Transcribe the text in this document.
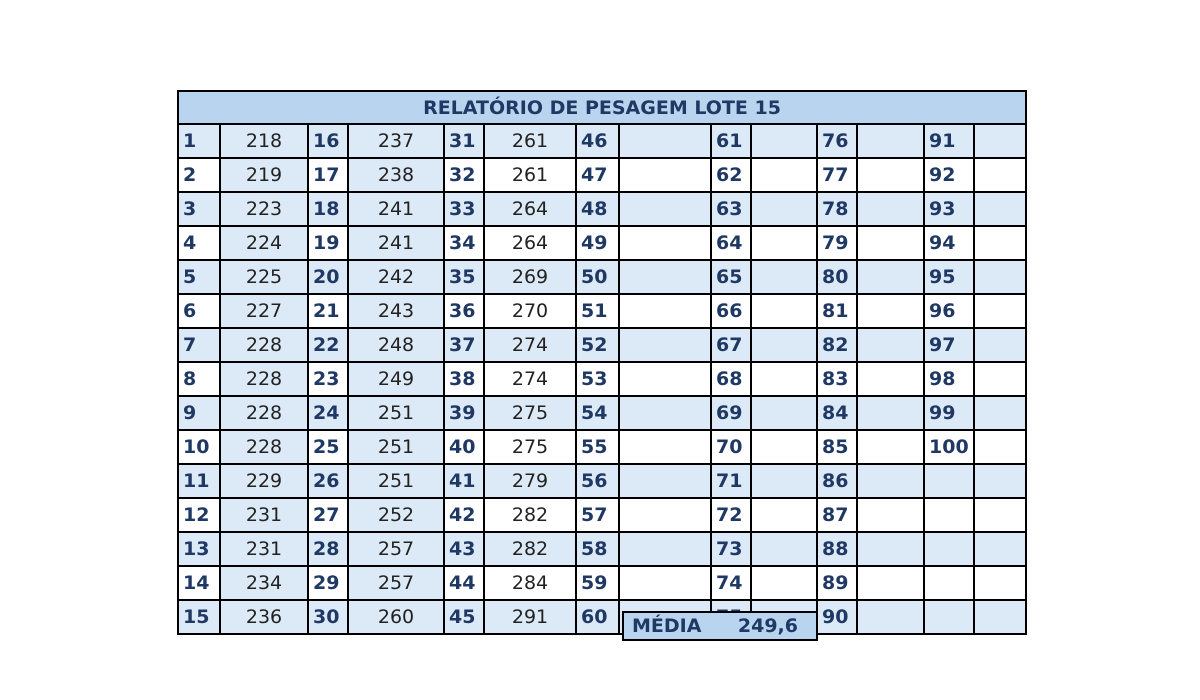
RELATÓRIO DE PESAGEM LOTE 15													
1	218	16	237	31	261	46		61		76		91	
2	219	17	238	32	261	47		62		77		92	
3	223	18	241	33	264	48		63		78		93	
4	224	19	241	34	264	49		64		79		94	
5	225	20	242	35	269	50		65		80		95	
6	227	21	243	36	270	51		66		81		96	
7	228	22	248	37	274	52		67		82		97	
8	228	23	249	38	274	53		68		83		98	
9	228	24	251	39	275	54		69		84		99	
10	228	25	251	40	275	55		70		85		100	
11	229	26	251	41	279	56		71		86			
12	231	27	252	42	282	57		72		87			
13	231	28	257	43	282	58		73		88			
14	234	29	257	44	284	59		74		89			
15	236	30	260	45	291	60				90			
MÉDIA 249,6
